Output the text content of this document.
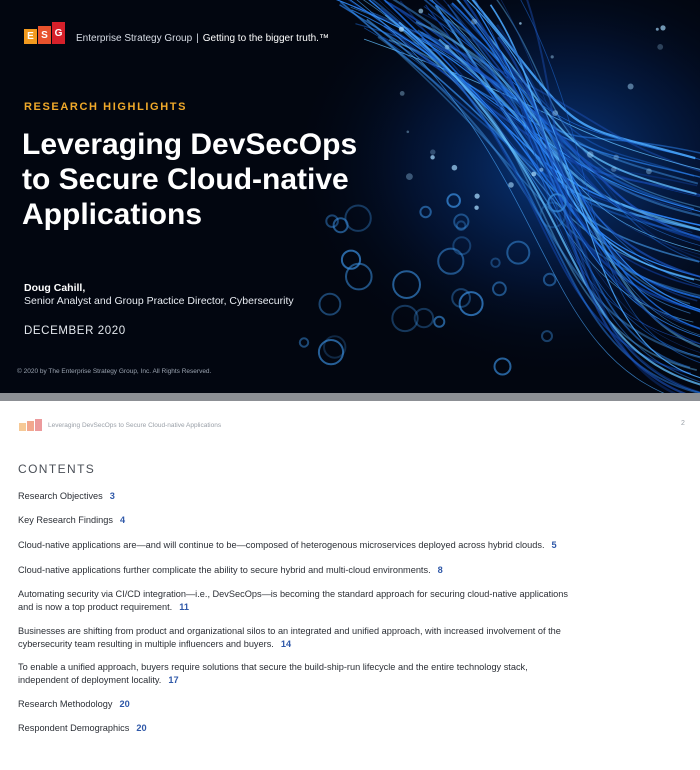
E S G Enterprise Strategy Group | Getting to the bigger truth.™
RESEARCH HIGHLIGHTS
Leveraging DevSecOps
to Secure Cloud-native
Applications
Doug Cahill,
Senior Analyst and Group Practice Director, Cybersecurity
DECEMBER 2020
© 2020 by The Enterprise Strategy Group, Inc. All Rights Reserved.
Leveraging DevSecOps to Secure Cloud-native Applications	2
CONTENTS
Research Objectives 3
Key Research Findings 4
Cloud-native applications are—and will continue to be—composed of heterogenous microservices deployed across hybrid clouds. 5
Cloud-native applications further complicate the ability to secure hybrid and multi-cloud environments. 8
Automating security via CI/CD integration—i.e., DevSecOps—is becoming the standard approach for securing cloud-native applications and is now a top product requirement. 11
Businesses are shifting from product and organizational silos to an integrated and unified approach, with increased involvement of the cybersecurity team resulting in multiple influencers and buyers. 14
To enable a unified approach, buyers require solutions that secure the build-ship-run lifecycle and the entire technology stack, independent of deployment locality. 17
Research Methodology 20
Respondent Demographics 20
